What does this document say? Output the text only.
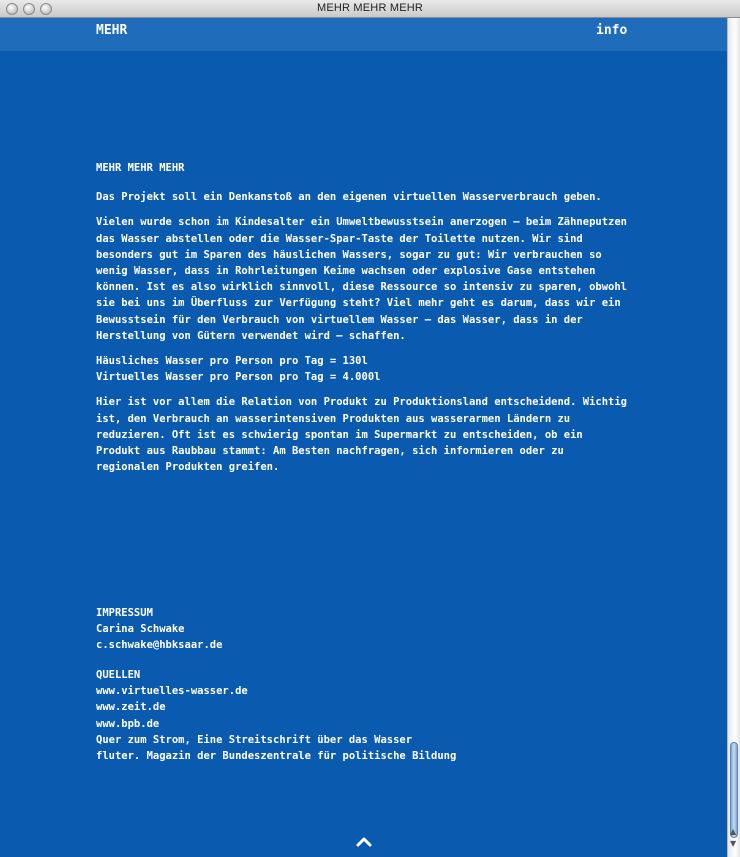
MEHR MEHR MEHR
MEHR	info

MEHR MEHR MEHR

Das Projekt soll ein Denkanstoß an den eigenen virtuellen Wasserverbrauch geben.

Vielen wurde schon im Kindesalter ein Umweltbewusstsein anerzogen – beim Zähneputzen das Wasser abstellen oder die Wasser-Spar-Taste der Toilette nutzen. Wir sind besonders gut im Sparen des häuslichen Wassers, sogar zu gut: Wir verbrauchen so wenig Wasser, dass in Rohrleitungen Keime wachsen oder explosive Gase entstehen können. Ist es also wirklich sinnvoll, diese Ressource so intensiv zu sparen, obwohl sie bei uns im Überfluss zur Verfügung steht? Viel mehr geht es darum, dass wir ein Bewusstsein für den Verbrauch von virtuellem Wasser – das Wasser, dass in der Herstellung von Gütern verwendet wird – schaffen.

Häusliches Wasser pro Person pro Tag = 130l
Virtuelles Wasser pro Person pro Tag = 4.000l

Hier ist vor allem die Relation von Produkt zu Produktionsland entscheidend. Wichtig ist, den Verbrauch an wasserintensiven Produkten aus wasserarmen Ländern zu reduzieren. Oft ist es schwierig spontan im Supermarkt zu entscheiden, ob ein Produkt aus Raubbau stammt: Am Besten nachfragen, sich informieren oder zu regionalen Produkten greifen.

IMPRESSUM
Carina Schwake
c.schwake@hbksaar.de
QUELLEN
www.virtuelles-wasser.de
www.zeit.de
www.bpb.de
Quer zum Strom, Eine Streitschrift über das Wasser
fluter. Magazin der Bundeszentrale für politische Bildung
▲
▼
